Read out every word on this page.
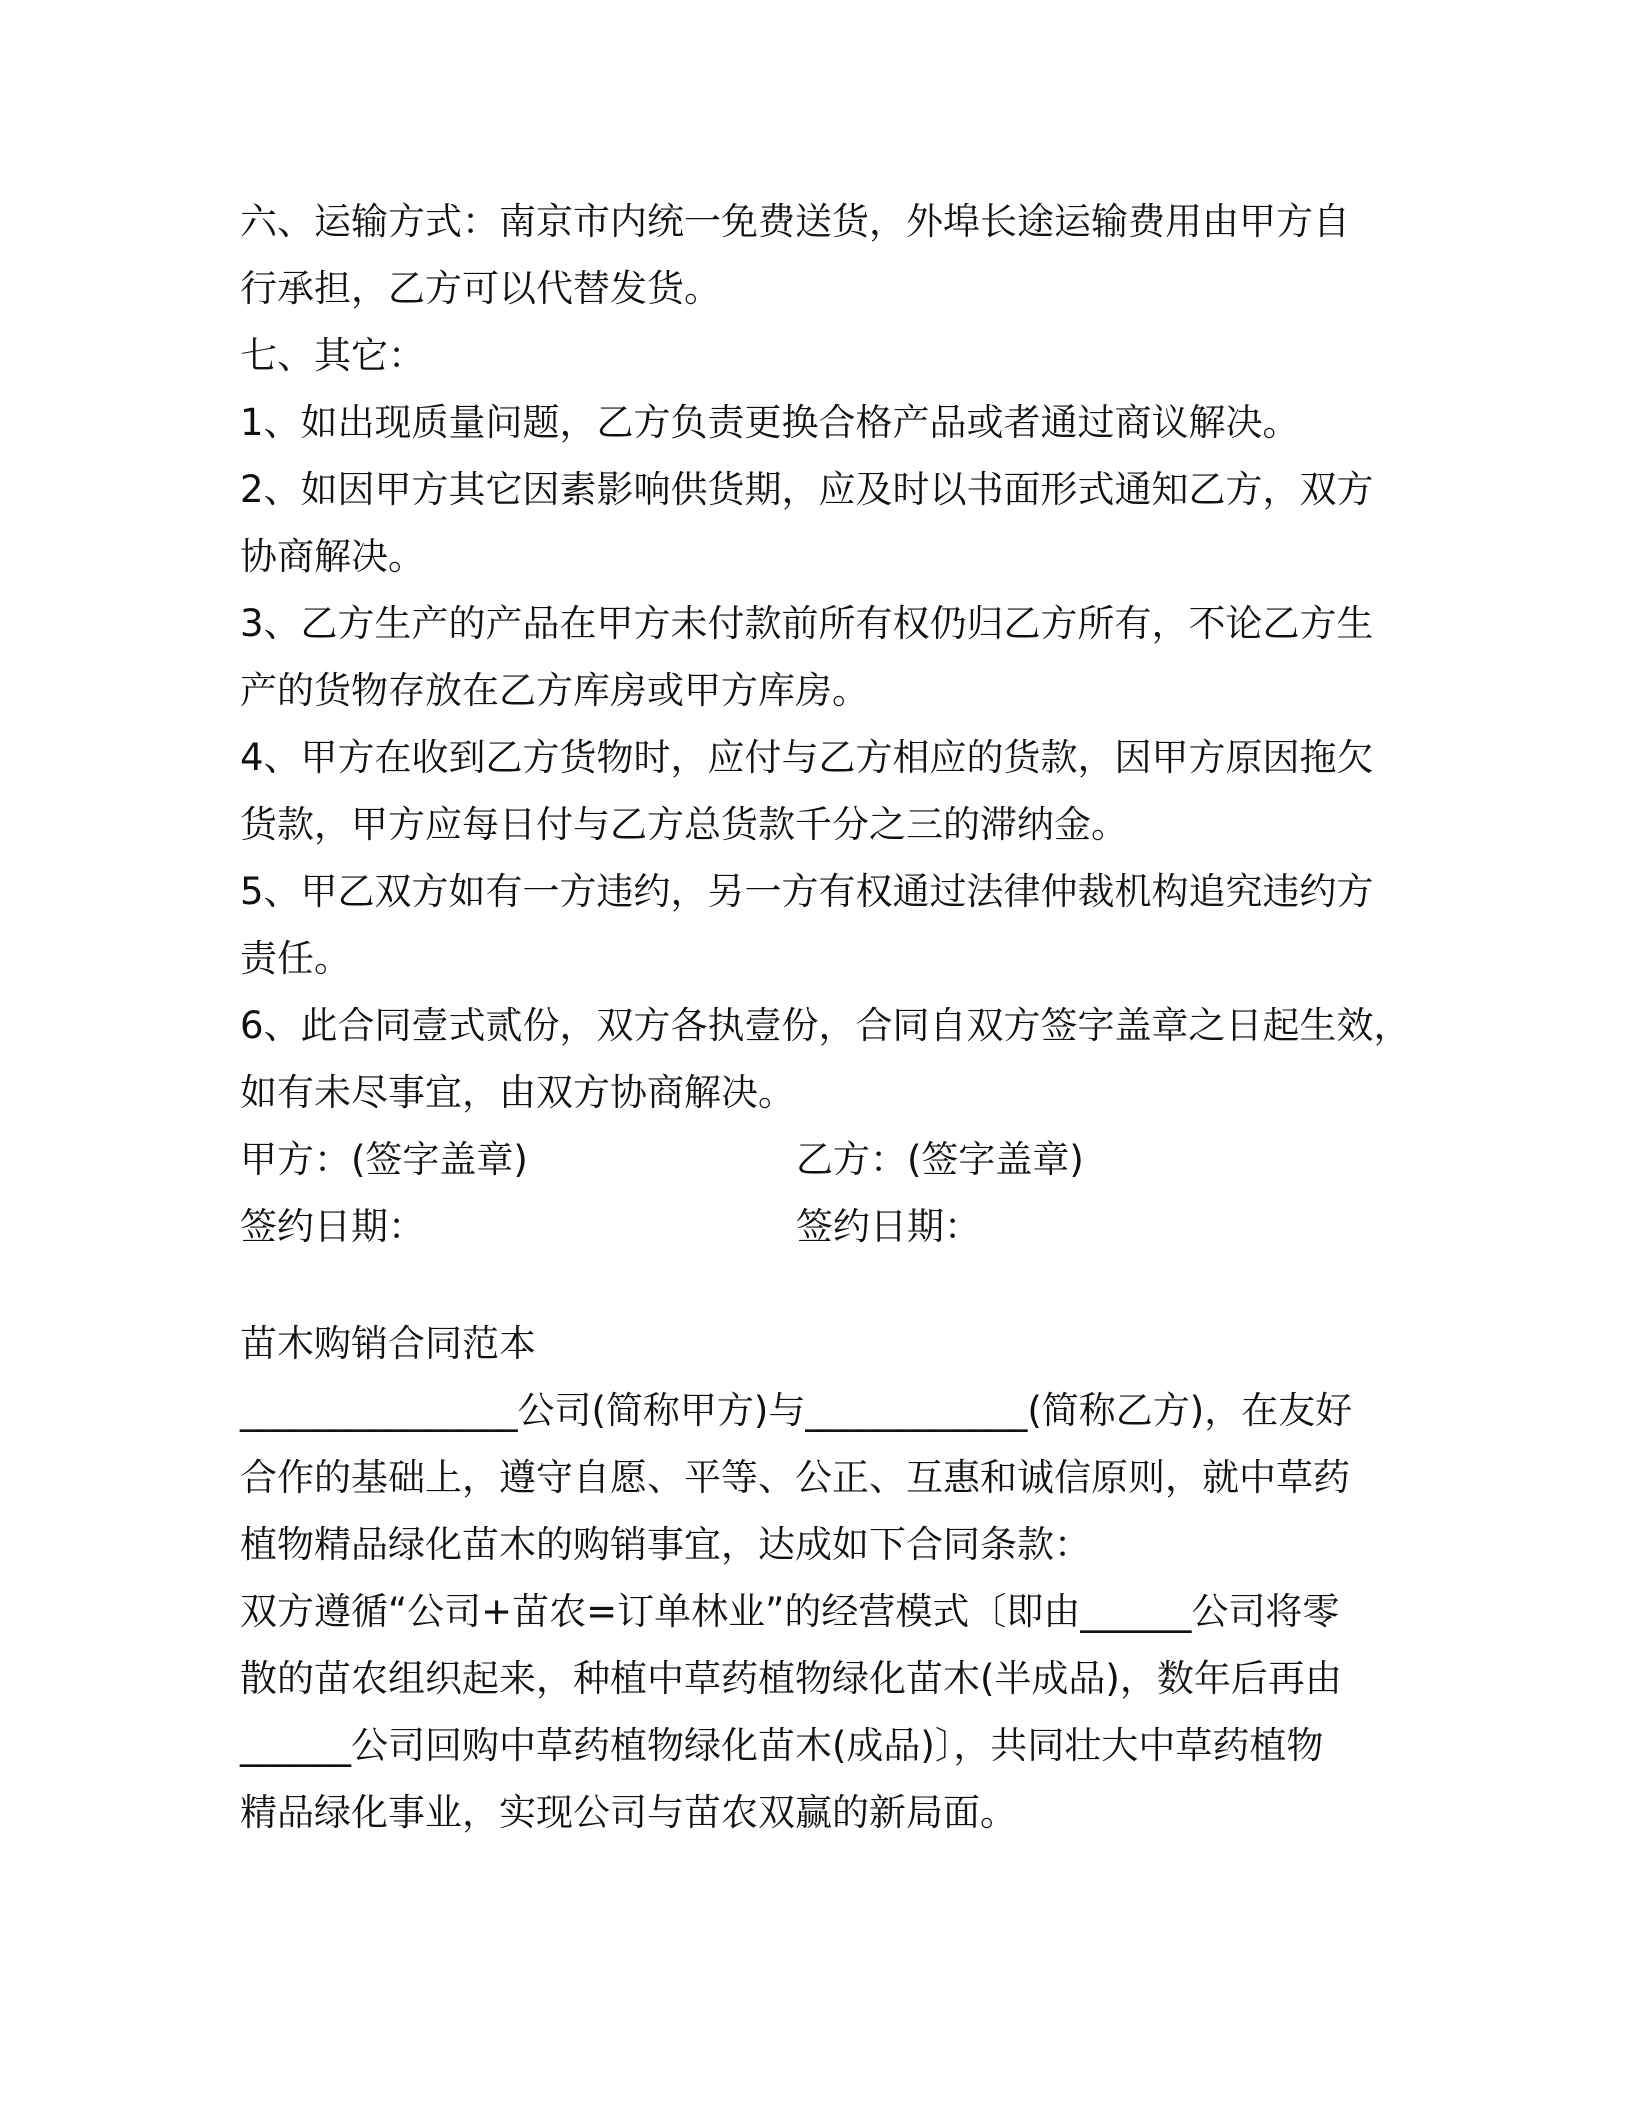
六、运输方式：南京市内统一免费送货，外埠长途运输费用由甲方自
行承担，乙方可以代替发货。
七、其它：
1、如出现质量问题，乙方负责更换合格产品或者通过商议解决。
2、如因甲方其它因素影响供货期，应及时以书面形式通知乙方，双方
协商解决。
3、乙方生产的产品在甲方未付款前所有权仍归乙方所有，不论乙方生
产的货物存放在乙方库房或甲方库房。
4、甲方在收到乙方货物时，应付与乙方相应的货款，因甲方原因拖欠
货款，甲方应每日付与乙方总货款千分之三的滞纳金。
5、甲乙双方如有一方违约，另一方有权通过法律仲裁机构追究违约方
责任。
6、此合同壹式贰份，双方各执壹份，合同自双方签字盖章之日起生效，
如有未尽事宜，由双方协商解决。
甲方：(签字盖章)	乙方：(签字盖章)
签约日期：	签约日期：
苗木购销合同范本
_______________公司(简称甲方)与____________(简称乙方)，在友好
合作的基础上，遵守自愿、平等、公正、互惠和诚信原则，就中草药
植物精品绿化苗木的购销事宜，达成如下合同条款：
双方遵循“公司+苗农=订单林业”的经营模式〔即由______公司将零
散的苗农组织起来，种植中草药植物绿化苗木(半成品)，数年后再由
______公司回购中草药植物绿化苗木(成品)〕，共同壮大中草药植物
精品绿化事业，实现公司与苗农双赢的新局面。
